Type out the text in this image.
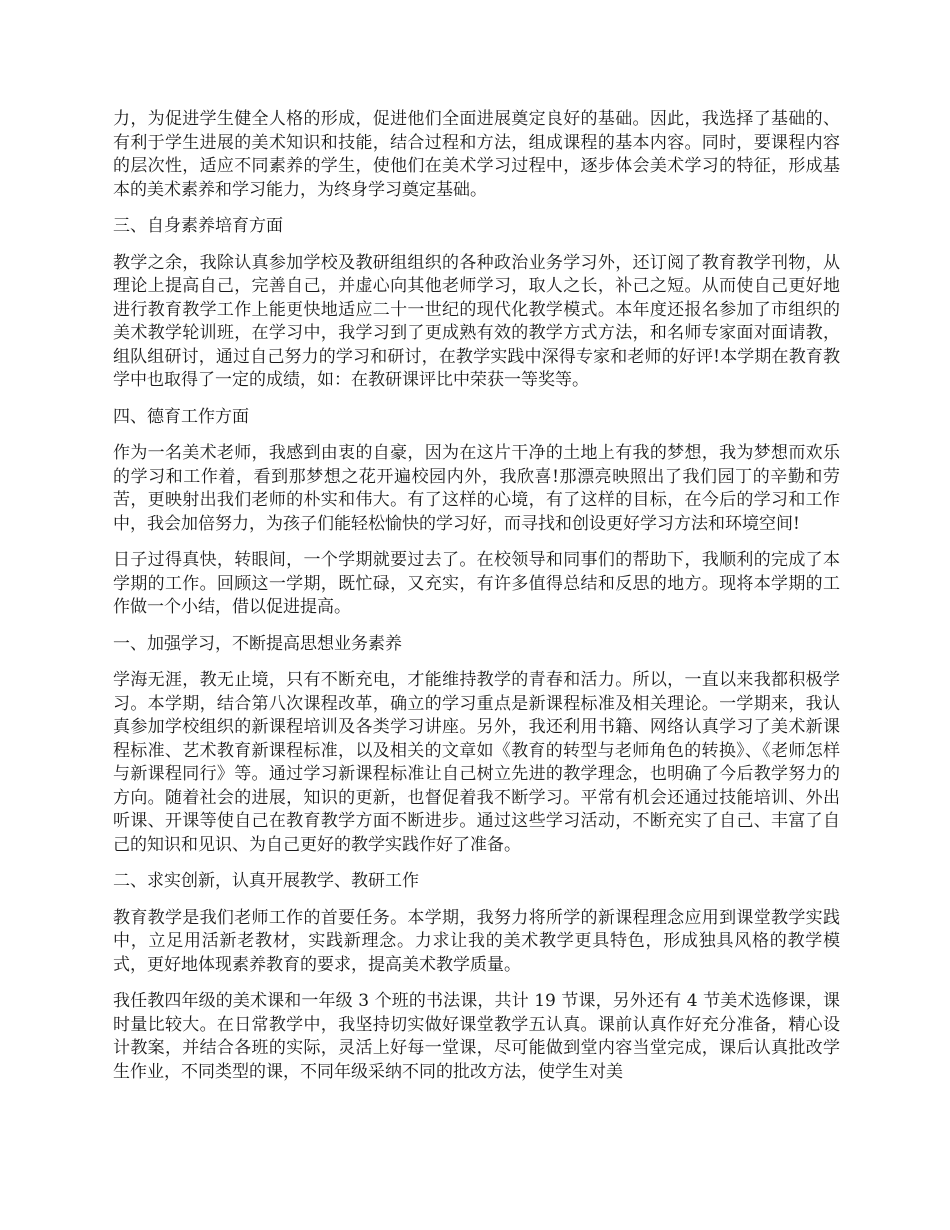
力，为促进学生健全人格的形成，促进他们全面进展奠定良好的基础。因此，我选择了基础的、有利于学生进展的美术知识和技能，结合过程和方法，组成课程的基本内容。同时，要课程内容的层次性，适应不同素养的学生，使他们在美术学习过程中，逐步体会美术学习的特征，形成基本的美术素养和学习能力，为终身学习奠定基础。

三、自身素养培育方面

教学之余，我除认真参加学校及教研组组织的各种政治业务学习外，还订阅了教育教学刊物，从理论上提高自己，完善自己，并虚心向其他老师学习，取人之长，补己之短。从而使自己更好地进行教育教学工作上能更快地适应二十一世纪的现代化教学模式。本年度还报名参加了市组织的美术教学轮训班，在学习中，我学习到了更成熟有效的教学方式方法，和名师专家面对面请教，组队组研讨，通过自己努力的学习和研讨，在教学实践中深得专家和老师的好评!本学期在教育教学中也取得了一定的成绩，如：在教研课评比中荣获一等奖等。

四、德育工作方面

作为一名美术老师，我感到由衷的自豪，因为在这片干净的土地上有我的梦想，我为梦想而欢乐的学习和工作着，看到那梦想之花开遍校园内外，我欣喜!那漂亮映照出了我们园丁的辛勤和劳苦，更映射出我们老师的朴实和伟大。有了这样的心境，有了这样的目标，在今后的学习和工作中，我会加倍努力，为孩子们能轻松愉快的学习好，而寻找和创设更好学习方法和环境空间!

日子过得真快，转眼间，一个学期就要过去了。在校领导和同事们的帮助下，我顺利的完成了本学期的工作。回顾这一学期，既忙碌，又充实，有许多值得总结和反思的地方。现将本学期的工作做一个小结，借以促进提高。

一、加强学习，不断提高思想业务素养

学海无涯，教无止境，只有不断充电，才能维持教学的青春和活力。所以，一直以来我都积极学习。本学期，结合第八次课程改革，确立的学习重点是新课程标准及相关理论。一学期来，我认真参加学校组织的新课程培训及各类学习讲座。另外，我还利用书籍、网络认真学习了美术新课程标准、艺术教育新课程标准，以及相关的文章如《教育的转型与老师角色的转换》、《老师怎样与新课程同行》等。通过学习新课程标准让自己树立先进的教学理念，也明确了今后教学努力的方向。随着社会的进展，知识的更新，也督促着我不断学习。平常有机会还通过技能培训、外出听课、开课等使自己在教育教学方面不断进步。通过这些学习活动，不断充实了自己、丰富了自己的知识和见识、为自己更好的教学实践作好了准备。

二、求实创新，认真开展教学、教研工作

教育教学是我们老师工作的首要任务。本学期，我努力将所学的新课程理念应用到课堂教学实践中，立足用活新老教材，实践新理念。力求让我的美术教学更具特色，形成独具风格的教学模式，更好地体现素养教育的要求，提高美术教学质量。

我任教四年级的美术课和一年级 3 个班的书法课，共计 19 节课，另外还有 4 节美术选修课，课时量比较大。在日常教学中，我坚持切实做好课堂教学五认真。课前认真作好充分准备，精心设计教案，并结合各班的实际，灵活上好每一堂课，尽可能做到堂内容当堂完成，课后认真批改学生作业，不同类型的课，不同年级采纳不同的批改方法，使学生对美
